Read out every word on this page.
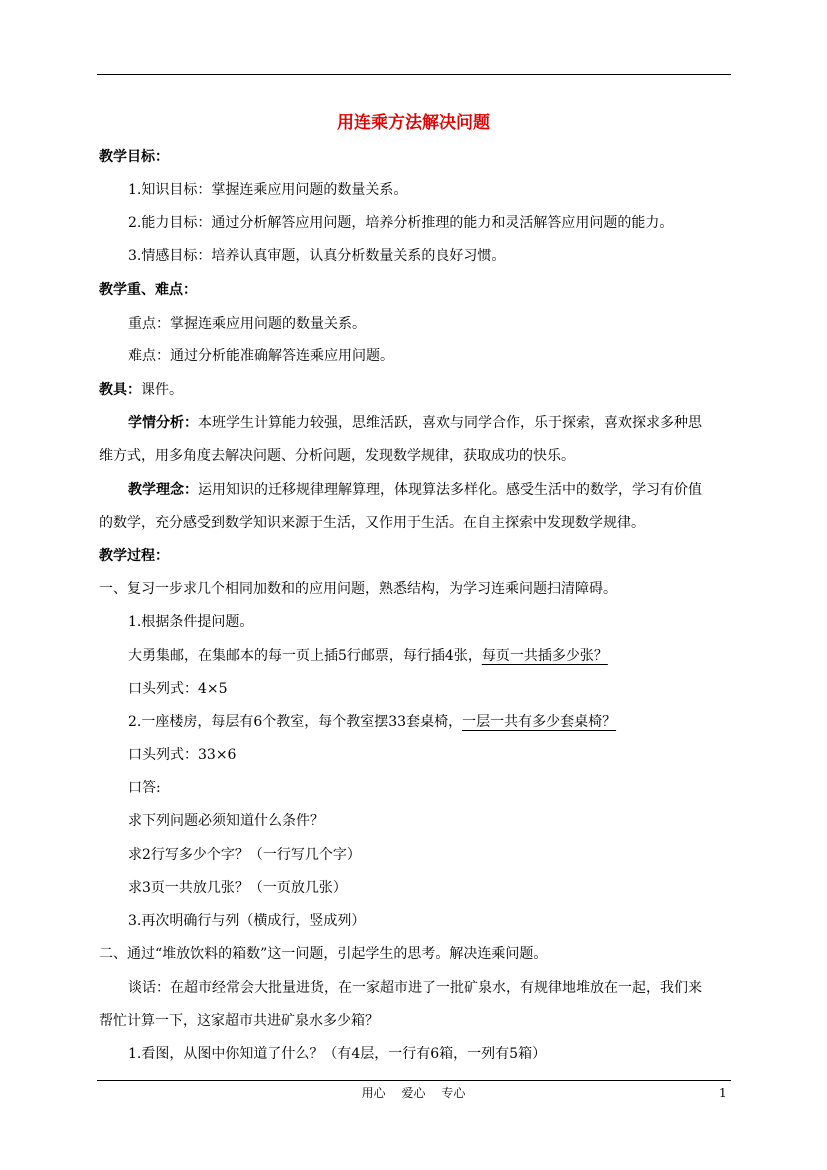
用连乘方法解决问题
教学目标：
1.知识目标：掌握连乘应用问题的数量关系。
2.能力目标：通过分析解答应用问题，培养分析推理的能力和灵活解答应用问题的能力。
3.情感目标：培养认真审题，认真分析数量关系的良好习惯。
教学重、难点：
重点：掌握连乘应用问题的数量关系。
难点：通过分析能准确解答连乘应用问题。
教具：课件。
学情分析：本班学生计算能力较强，思维活跃，喜欢与同学合作，乐于探索，喜欢探求多种思
维方式，用多角度去解决问题、分析问题，发现数学规律，获取成功的快乐。
教学理念：运用知识的迁移规律理解算理，体现算法多样化。感受生活中的数学，学习有价值
的数学，充分感受到数学知识来源于生活，又作用于生活。在自主探索中发现数学规律。
教学过程：
一、复习一步求几个相同加数和的应用问题，熟悉结构，为学习连乘问题扫清障碍。
1.根据条件提问题。
大勇集邮，在集邮本的每一页上插5行邮票，每行插4张，每页一共插多少张？
口头列式：4×5
2.一座楼房，每层有6个教室，每个教室摆33套桌椅，一层一共有多少套桌椅？
口头列式：33×6
口答:
求下列问题必须知道什么条件？
求2行写多少个字？（一行写几个字）
求3页一共放几张？（一页放几张）
3.再次明确行与列（横成行，竖成列）
二、通过“堆放饮料的箱数”这一问题，引起学生的思考。解决连乘问题。
谈话：在超市经常会大批量进货，在一家超市进了一批矿泉水，有规律地堆放在一起，我们来
帮忙计算一下，这家超市共进矿泉水多少箱？
1.看图，从图中你知道了什么？（有4层，一行有6箱，一列有5箱）
用心 爱心 专心	1
